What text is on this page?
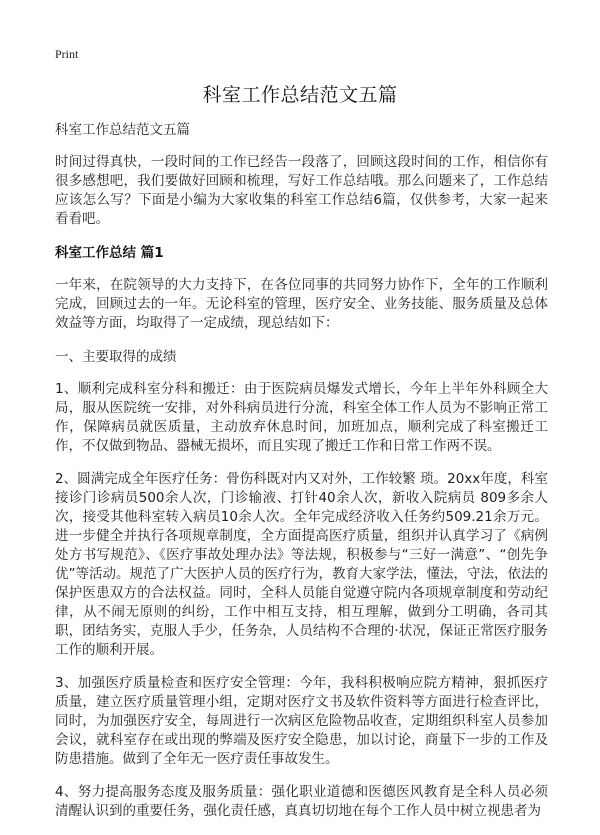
Print
科室工作总结范文五篇
科室工作总结范文五篇

时间过得真快，一段时间的工作已经告一段落了，回顾这段时间的工作，相信你有很多感想吧，我们要做好回顾和梳理，写好工作总结哦。那么问题来了，工作总结应该怎么写？下面是小编为大家收集的科室工作总结6篇，仅供参考，大家一起来看看吧。

科室工作总结 篇1

一年来，在院领导的大力支持下，在各位同事的共同努力协作下，全年的工作顺利完成，回顾过去的一年。无论科室的管理，医疗安全、业务技能、服务质量及总体效益等方面，均取得了一定成绩，现总结如下：

一、主要取得的成绩

1、顺利完成科室分科和搬迁：由于医院病员爆发式增长，今年上半年外科顾全大局，服从医院统一安排，对外科病员进行分流，科室全体工作人员为不影响正常工作，保障病员就医质量，主动放弃休息时间，加班加点，顺利完成了科室搬迁工作，不仅做到物品、器械无损坏，而且实现了搬迁工作和日常工作两不误。

2、圆满完成全年医疗任务：骨伤科既对内又对外，工作较繁 琐。20xx年度，科室接诊门诊病员500余人次，门诊输液、打针40余人次，新收入院病员 809多余人次，接受其他科室转入病员10余人次。全年完成经济收入任务约509.21余万元。进一步健全并执行各项规章制度，全方面提高医疗质量，组织并认真学习了《病例处方书写规范》、《医疗事故处理办法》等法规，积极参与“三好一满意”、“创先争优”等活动。规范了广大医护人员的医疗行为，教育大家学法，懂法，守法，依法的保护医患双方的合法权益。同时，全科人员能自觉遵守院内各项规章制度和劳动纪律，从不闹无原则的纠纷，工作中相互支持，相互理解，做到分工明确，各司其职，团结务实，克服人手少，任务杂，人员结构不合理的·状况，保证正常医疗服务工作的顺利开展。

3、加强医疗质量检查和医疗安全管理：今年，我科积极响应院方精神，狠抓医疗质量，建立医疗质量管理小组，定期对医疗文书及软件资料等方面进行检查评比，同时，为加强医疗安全，每周进行一次病区危险物品收查，定期组织科室人员参加会议，就科室存在或出现的弊端及医疗安全隐患，加以讨论，商量下一步的工作及防患措施。做到了全年无一医疗责任事故发生。

4、努力提高服务态度及服务质量：强化职业道德和医德医风教育是全科人员必须清醒认识到的重要任务，强化责任感，真真切切地在每个工作人员中树立视患者为
